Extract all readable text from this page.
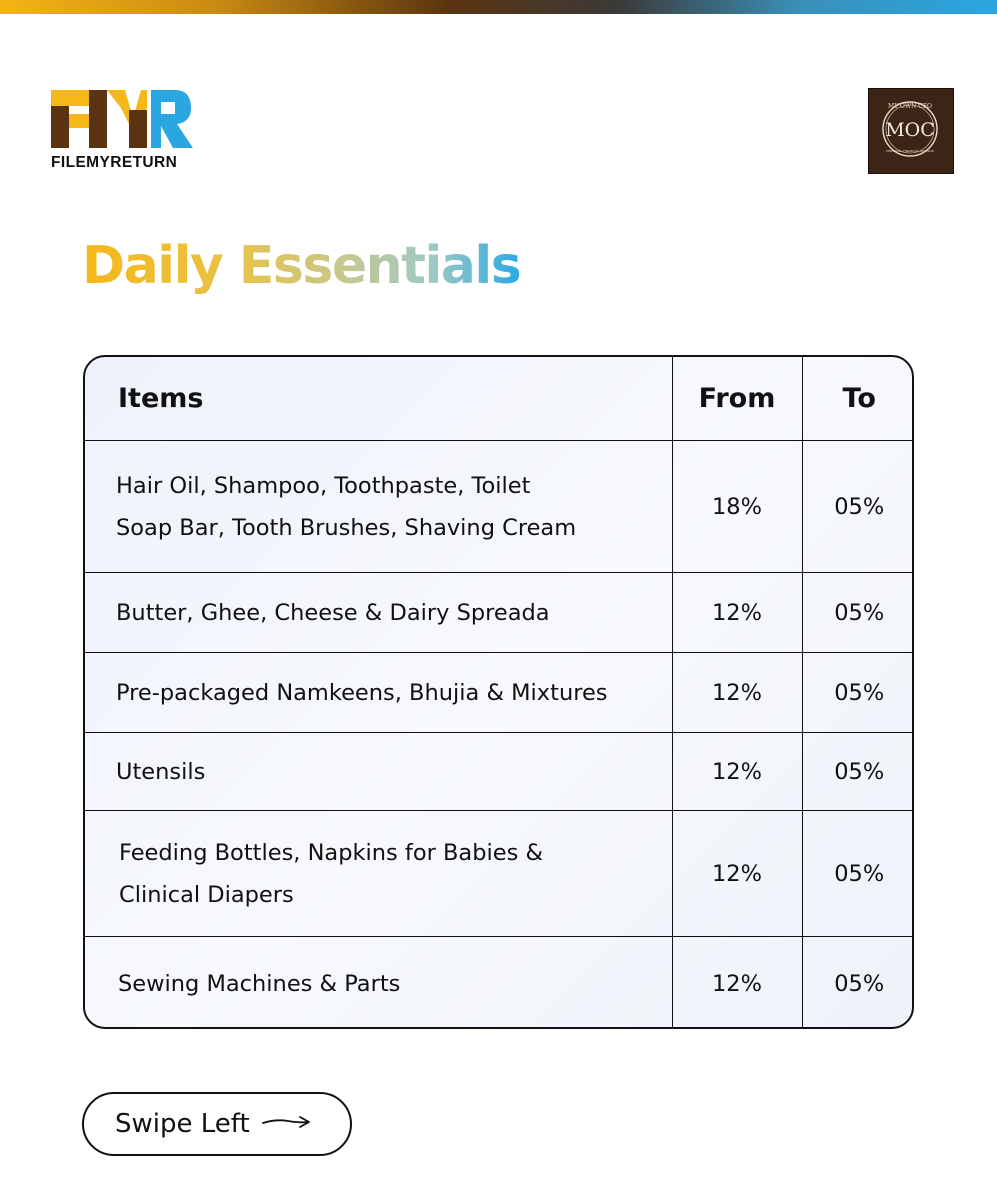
FILEMYRETURN
MY OWN CFO
MOC
PERSONAL FINANCIAL ADVISOR
Daily Essentials
Items	From	To

Hair Oil, Shampoo, Toothpaste, Toilet
Soap Bar, Tooth Brushes, Shaving Cream	18%	05%

Butter, Ghee, Cheese & Dairy Spreada	12%	05%

Pre-packaged Namkeens, Bhujia & Mixtures	12%	05%

Utensils	12%	05%

Feeding Bottles, Napkins for Babies &
Clinical Diapers	12%	05%

Sewing Machines & Parts	12%	05%
Swipe Left
